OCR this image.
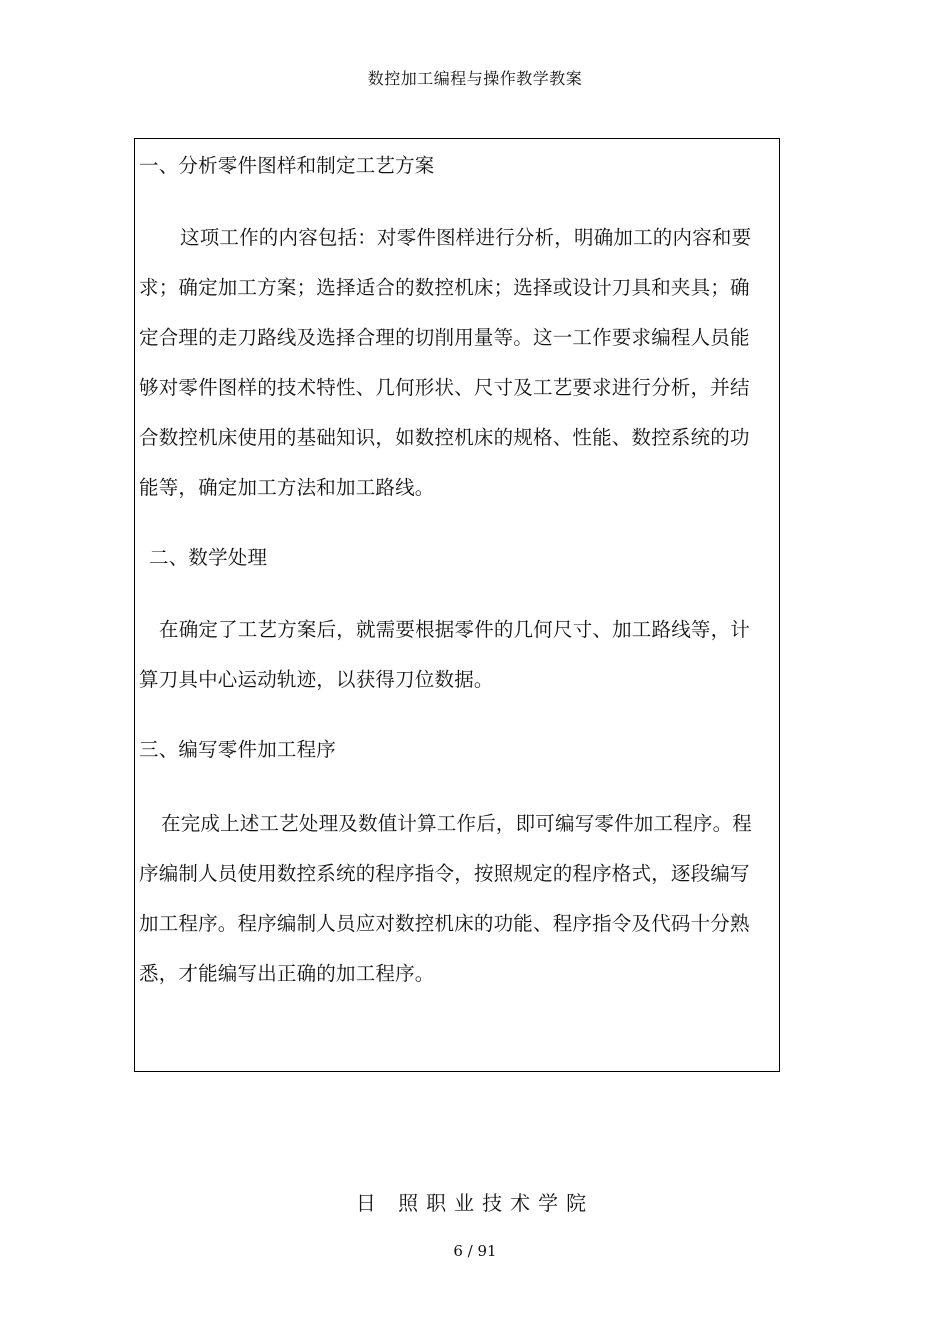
数控加工编程与操作教学教案
一、分析零件图样和制定工艺方案
这项工作的内容包括：对零件图样进行分析，明确加工的内容和要
求；确定加工方案；选择适合的数控机床；选择或设计刀具和夹具；确
定合理的走刀路线及选择合理的切削用量等。这一工作要求编程人员能
够对零件图样的技术特性、几何形状、尺寸及工艺要求进行分析，并结
合数控机床使用的基础知识，如数控机床的规格、性能、数控系统的功
能等，确定加工方法和加工路线。
二、数学处理
在确定了工艺方案后，就需要根据零件的几何尺寸、加工路线等，计
算刀具中心运动轨迹，以获得刀位数据。
三、编写零件加工程序
在完成上述工艺处理及数值计算工作后，即可编写零件加工程序。程
序编制人员使用数控系统的程序指令，按照规定的程序格式，逐段编写
加工程序。程序编制人员应对数控机床的功能、程序指令及代码十分熟
悉，才能编写出正确的加工程序。
日 照职业技术学院
6 / 91
